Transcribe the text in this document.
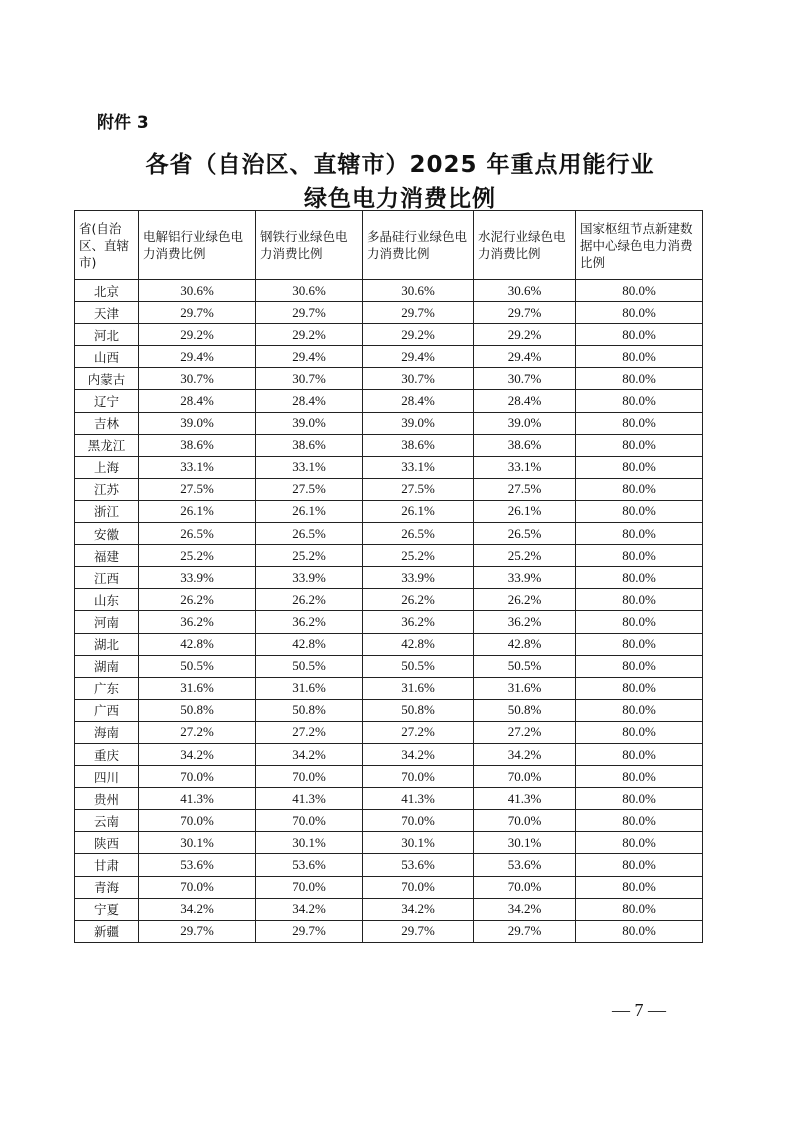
附件 3
各省（自治区、直辖市）2025 年重点用能行业
绿色电力消费比例
省(自治区、直辖市)	电解铝行业绿色电力消费比例	钢铁行业绿色电力消费比例	多晶硅行业绿色电力消费比例	水泥行业绿色电力消费比例	国家枢纽节点新建数据中心绿色电力消费比例
北京	30.6%	30.6%	30.6%	30.6%	80.0%
天津	29.7%	29.7%	29.7%	29.7%	80.0%
河北	29.2%	29.2%	29.2%	29.2%	80.0%
山西	29.4%	29.4%	29.4%	29.4%	80.0%
内蒙古	30.7%	30.7%	30.7%	30.7%	80.0%
辽宁	28.4%	28.4%	28.4%	28.4%	80.0%
吉林	39.0%	39.0%	39.0%	39.0%	80.0%
黑龙江	38.6%	38.6%	38.6%	38.6%	80.0%
上海	33.1%	33.1%	33.1%	33.1%	80.0%
江苏	27.5%	27.5%	27.5%	27.5%	80.0%
浙江	26.1%	26.1%	26.1%	26.1%	80.0%
安徽	26.5%	26.5%	26.5%	26.5%	80.0%
福建	25.2%	25.2%	25.2%	25.2%	80.0%
江西	33.9%	33.9%	33.9%	33.9%	80.0%
山东	26.2%	26.2%	26.2%	26.2%	80.0%
河南	36.2%	36.2%	36.2%	36.2%	80.0%
湖北	42.8%	42.8%	42.8%	42.8%	80.0%
湖南	50.5%	50.5%	50.5%	50.5%	80.0%
广东	31.6%	31.6%	31.6%	31.6%	80.0%
广西	50.8%	50.8%	50.8%	50.8%	80.0%
海南	27.2%	27.2%	27.2%	27.2%	80.0%
重庆	34.2%	34.2%	34.2%	34.2%	80.0%
四川	70.0%	70.0%	70.0%	70.0%	80.0%
贵州	41.3%	41.3%	41.3%	41.3%	80.0%
云南	70.0%	70.0%	70.0%	70.0%	80.0%
陕西	30.1%	30.1%	30.1%	30.1%	80.0%
甘肃	53.6%	53.6%	53.6%	53.6%	80.0%
青海	70.0%	70.0%	70.0%	70.0%	80.0%
宁夏	34.2%	34.2%	34.2%	34.2%	80.0%
新疆	29.7%	29.7%	29.7%	29.7%	80.0%
— 7 —
